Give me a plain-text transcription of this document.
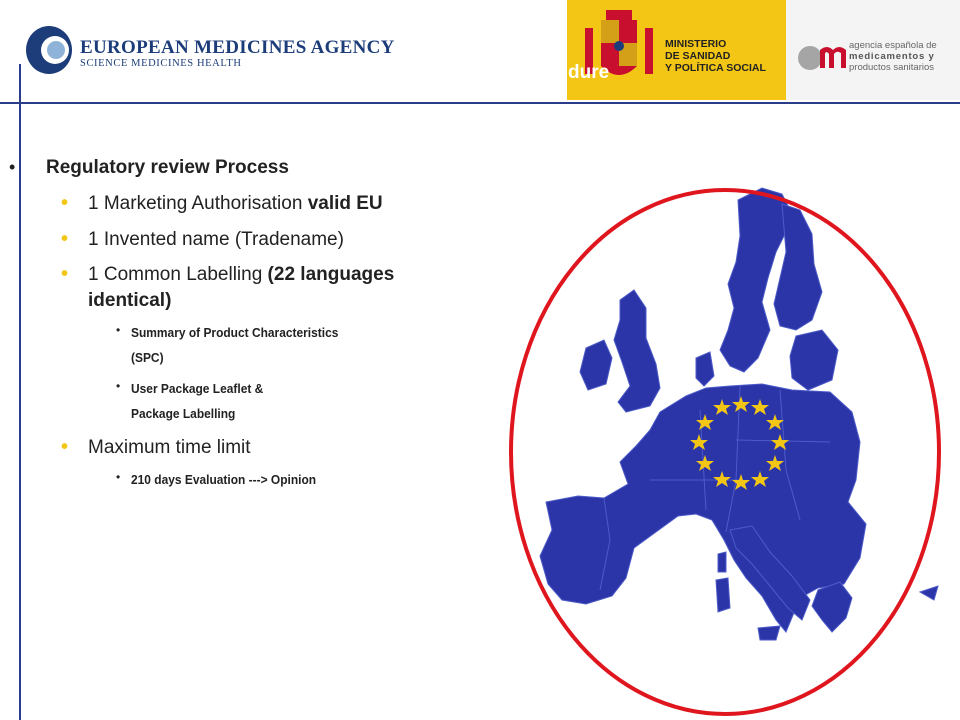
EUROPEAN MEDICINES AGENCY
SCIENCE MEDICINES HEALTH	dure
MINISTERIO
DE SANIDAD
Y POLÍTICA SOCIAL
agencia española de
medicamentos y
productos sanitarios
• Regulatory review Process
• 1 Marketing Authorisation valid EU
• 1 Invented name (Tradename)
• 1 Common Labelling (22 languages
identical)
• Summary of Product Characteristics
(SPC)
• User Package Leaflet &
Package Labelling
• Maximum time limit
• 210 days Evaluation ---> Opinion
